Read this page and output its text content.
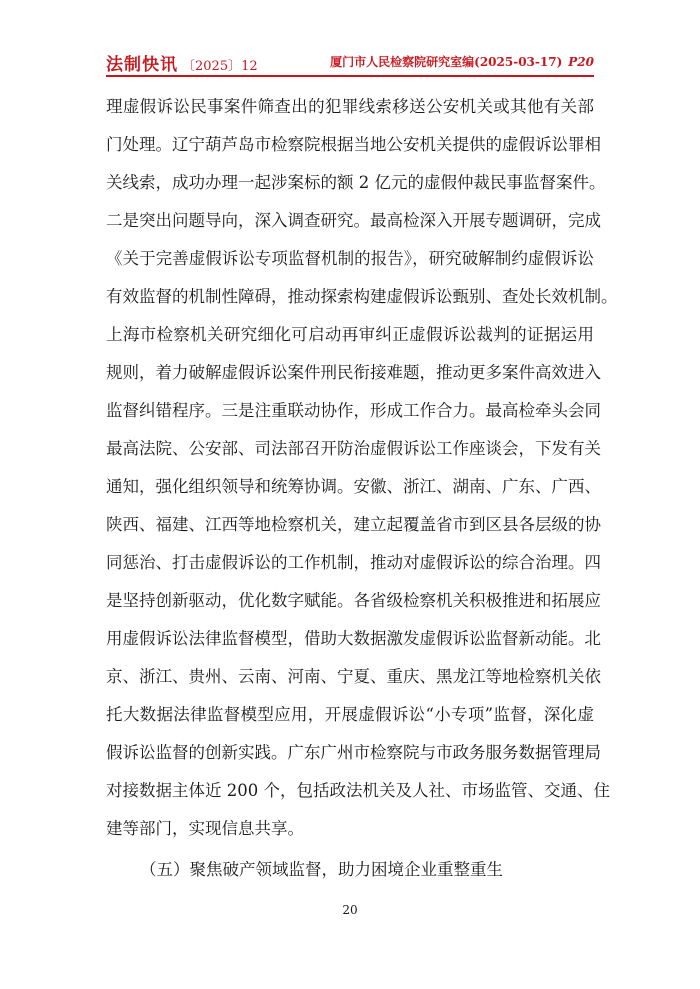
法制快讯 〔2025〕12	厦门市人民检察院研究室编(2025-03-17) P20
理虚假诉讼民事案件筛查出的犯罪线索移送公安机关或其他有关部
门处理。辽宁葫芦岛市检察院根据当地公安机关提供的虚假诉讼罪相
关线索，成功办理一起涉案标的额 2 亿元的虚假仲裁民事监督案件。
二是突出问题导向，深入调查研究。最高检深入开展专题调研，完成
《关于完善虚假诉讼专项监督机制的报告》，研究破解制约虚假诉讼
有效监督的机制性障碍，推动探索构建虚假诉讼甄别、查处长效机制。
上海市检察机关研究细化可启动再审纠正虚假诉讼裁判的证据运用
规则，着力破解虚假诉讼案件刑民衔接难题，推动更多案件高效进入
监督纠错程序。三是注重联动协作，形成工作合力。最高检牵头会同
最高法院、公安部、司法部召开防治虚假诉讼工作座谈会，下发有关
通知，强化组织领导和统筹协调。安徽、浙江、湖南、广东、广西、
陕西、福建、江西等地检察机关，建立起覆盖省市到区县各层级的协
同惩治、打击虚假诉讼的工作机制，推动对虚假诉讼的综合治理。四
是坚持创新驱动，优化数字赋能。各省级检察机关积极推进和拓展应
用虚假诉讼法律监督模型，借助大数据激发虚假诉讼监督新动能。北
京、浙江、贵州、云南、河南、宁夏、重庆、黑龙江等地检察机关依
托大数据法律监督模型应用，开展虚假诉讼“小专项”监督，深化虚
假诉讼监督的创新实践。广东广州市检察院与市政务服务数据管理局
对接数据主体近 200 个，包括政法机关及人社、市场监管、交通、住
建等部门，实现信息共享。
（五）聚焦破产领域监督，助力困境企业重整重生
20
